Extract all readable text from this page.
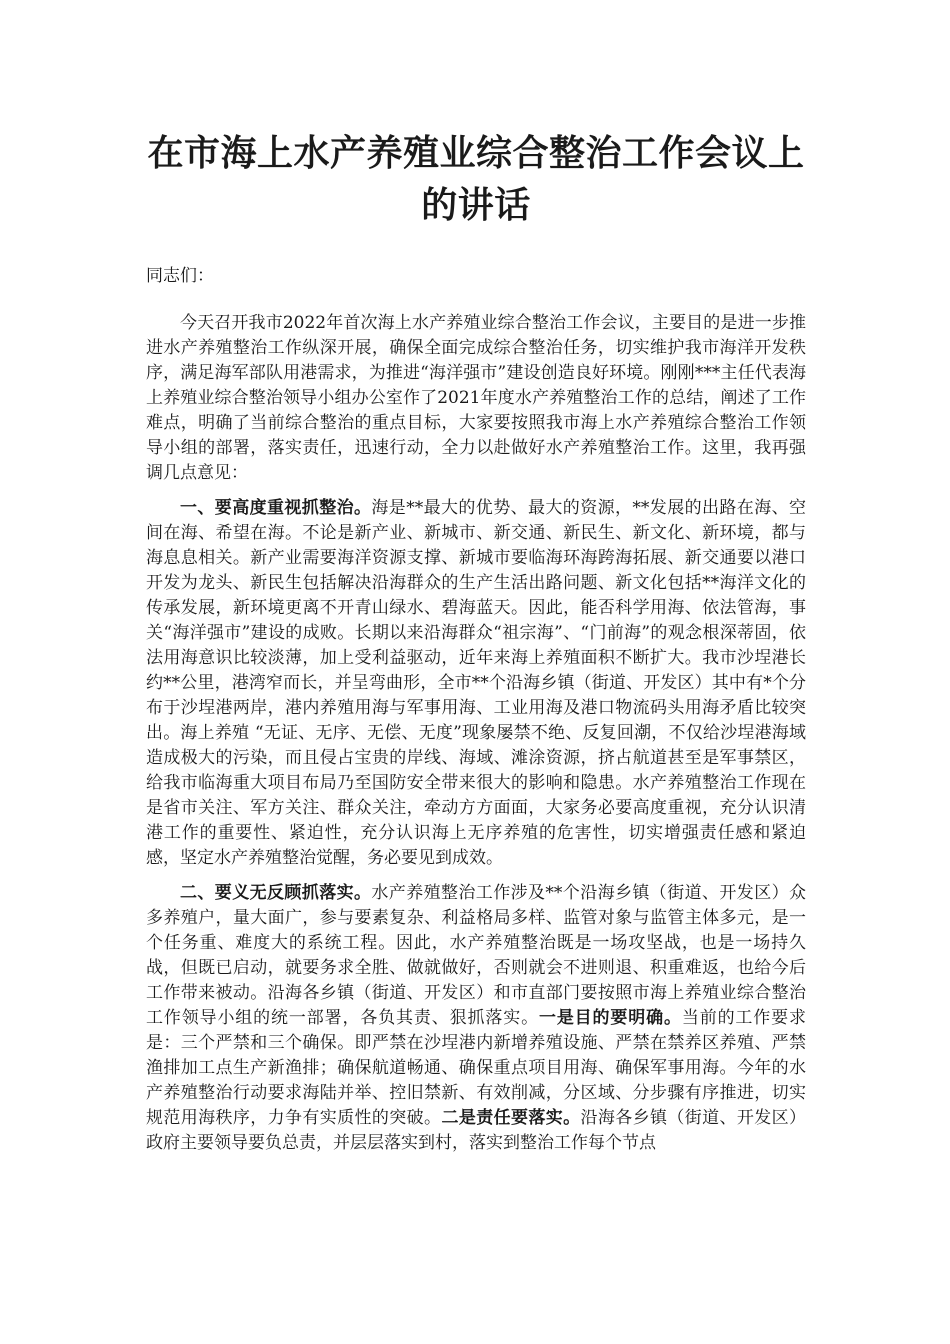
在市海上水产养殖业综合整治工作会议上
的讲话

同志们：

今天召开我市2022年首次海上水产养殖业综合整治工作会议，主要目的是进一步推进水产养殖整治工作纵深开展，确保全面完成综合整治任务，切实维护我市海洋开发秩序，满足海军部队用港需求，为推进“海洋强市”建设创造良好环境。刚刚***主任代表海上养殖业综合整治领导小组办公室作了2021年度水产养殖整治工作的总结，阐述了工作难点，明确了当前综合整治的重点目标，大家要按照我市海上水产养殖综合整治工作领导小组的部署，落实责任，迅速行动，全力以赴做好水产养殖整治工作。这里，我再强调几点意见：

一、要高度重视抓整治。海是**最大的优势、最大的资源，**发展的出路在海、空间在海、希望在海。不论是新产业、新城市、新交通、新民生、新文化、新环境，都与海息息相关。新产业需要海洋资源支撑、新城市要临海环海跨海拓展、新交通要以港口开发为龙头、新民生包括解决沿海群众的生产生活出路问题、新文化包括**海洋文化的传承发展，新环境更离不开青山绿水、碧海蓝天。因此，能否科学用海、依法管海，事关“海洋强市”建设的成败。长期以来沿海群众“祖宗海”、“门前海”的观念根深蒂固，依法用海意识比较淡薄，加上受利益驱动，近年来海上养殖面积不断扩大。我市沙埕港长约**公里，港湾窄而长，并呈弯曲形，全市**个沿海乡镇（街道、开发区）其中有*个分布于沙埕港两岸，港内养殖用海与军事用海、工业用海及港口物流码头用海矛盾比较突出。海上养殖 “无证、无序、无偿、无度”现象屡禁不绝、反复回潮，不仅给沙埕港海域造成极大的污染，而且侵占宝贵的岸线、海域、滩涂资源，挤占航道甚至是军事禁区，给我市临海重大项目布局乃至国防安全带来很大的影响和隐患。水产养殖整治工作现在是省市关注、军方关注、群众关注，牵动方方面面，大家务必要高度重视，充分认识清港工作的重要性、紧迫性，充分认识海上无序养殖的危害性，切实增强责任感和紧迫感，坚定水产养殖整治觉醒，务必要见到成效。

二、要义无反顾抓落实。水产养殖整治工作涉及**个沿海乡镇（街道、开发区）众多养殖户，量大面广，参与要素复杂、利益格局多样、监管对象与监管主体多元，是一个任务重、难度大的系统工程。因此，水产养殖整治既是一场攻坚战，也是一场持久战，但既已启动，就要务求全胜、做就做好，否则就会不进则退、积重难返，也给今后工作带来被动。沿海各乡镇（街道、开发区）和市直部门要按照市海上养殖业综合整治工作领导小组的统一部署，各负其责、狠抓落实。一是目的要明确。当前的工作要求是：三个严禁和三个确保。即严禁在沙埕港内新增养殖设施、严禁在禁养区养殖、严禁渔排加工点生产新渔排；确保航道畅通、确保重点项目用海、确保军事用海。今年的水产养殖整治行动要求海陆并举、控旧禁新、有效削减，分区域、分步骤有序推进，切实规范用海秩序，力争有实质性的突破。二是责任要落实。沿海各乡镇（街道、开发区）政府主要领导要负总责，并层层落实到村，落实到整治工作每个节点
